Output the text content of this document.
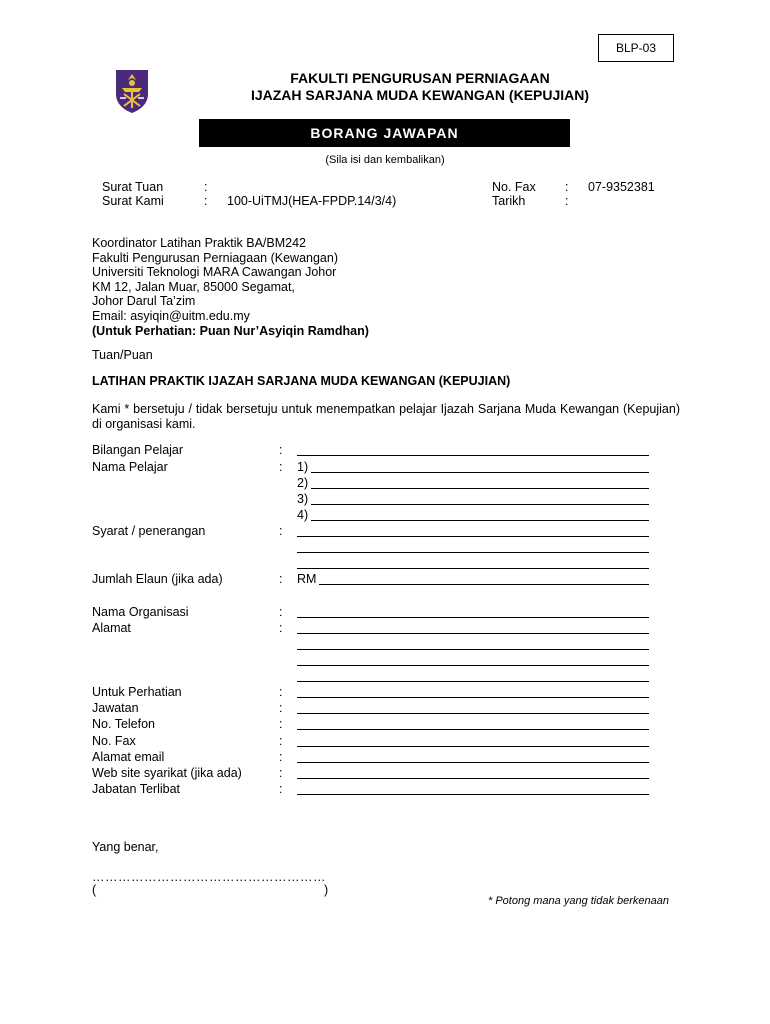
BLP-03
FAKULTI PENGURUSAN PERNIAGAAN
IJAZAH SARJANA MUDA KEWANGAN (KEPUJIAN)
BORANG JAWAPAN
(Sila isi dan kembalikan)
Surat Tuan	:
Surat Kami	: 100-UiTMJ(HEA-FPDP.14/3/4)
No. Fax : 07-9352381
Tarikh	:
Koordinator Latihan Praktik BA/BM242
Fakulti Pengurusan Perniagaan (Kewangan)
Universiti Teknologi MARA Cawangan Johor
KM 12, Jalan Muar, 85000 Segamat,
Johor Darul Ta’zim
Email: asyiqin@uitm.edu.my
(Untuk Perhatian: Puan Nur’Asyiqin Ramdhan)
Tuan/Puan
LATIHAN PRAKTIK IJAZAH SARJANA MUDA KEWANGAN (KEPUJIAN)
Kami * bersetuju / tidak bersetuju untuk menempatkan pelajar Ijazah Sarjana Muda Kewangan (Kepujian) di organisasi kami.
Bilangan Pelajar	:
Nama Pelajar	: 1)
2)
3)
4)
Syarat / penerangan	:
Jumlah Elaun (jika ada)	: RM
Nama Organisasi	:
Alamat	:
Untuk Perhatian	:
Jawatan	:
No. Telefon	:
No. Fax	:
Alamat email	:
Web site syarikat (jika ada)	:
Jabatan Terlibat	:
Yang benar,
………………………………………………
(	)
* Potong mana yang tidak berkenaan
